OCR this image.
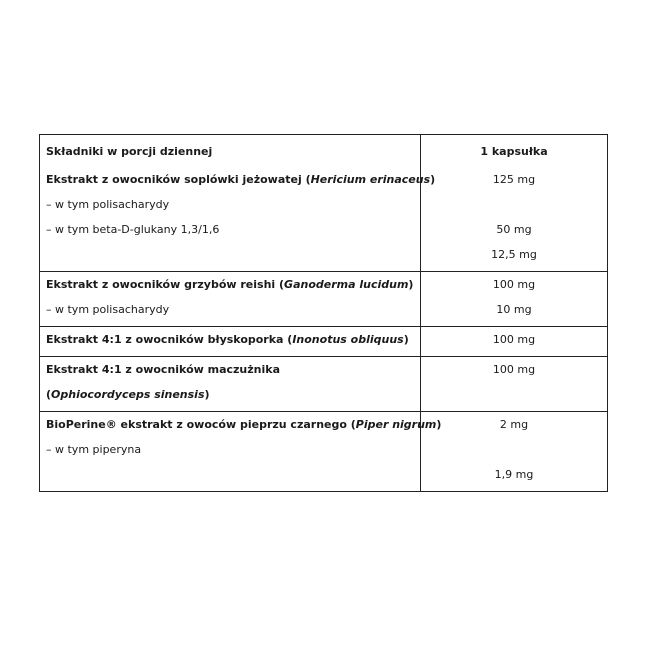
Składniki w porcji dziennej	1 kapsułka
Ekstrakt z owocników soplówki jeżowatej (Hericium erinaceus)
– w tym polisacharydy
– w tym beta-D-glukany 1,3/1,6
125 mg
50 mg
12,5 mg
Ekstrakt z owocników grzybów reishi (Ganoderma lucidum)
– w tym polisacharydy
100 mg
10 mg
Ekstrakt 4:1 z owocników błyskoporka (Inonotus obliquus)	100 mg
Ekstrakt 4:1 z owocników maczużnika
(Ophiocordyceps sinensis)
100 mg
BioPerine® ekstrakt z owoców pieprzu czarnego (Piper nigrum)
– w tym piperyna
2 mg
1,9 mg
